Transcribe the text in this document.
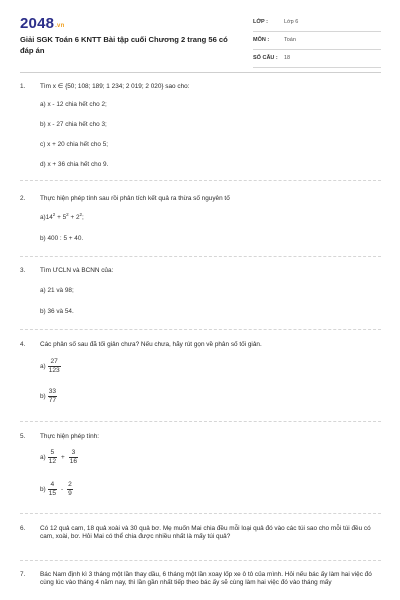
2048.vn
Giải SGK Toán 6 KNTT Bài tập cuối Chương 2 trang 56 có đáp án
LỚP :	Lớp 6
MÔN :	Toán
SỐ CÂU : 18
1. Tìm x ∈ {50; 108; 189; 1 234; 2 019; 2 020} sao cho:
a) x - 12 chia hết cho 2;
b) x - 27 chia hết cho 3;
c) x + 20 chia hết cho 5;
d) x + 36 chia hết cho 9.
2. Thực hiện phép tính sau rồi phân tích kết quả ra thừa số nguyên tố
$a)14^2 + 5^2 + 2^2$;
b) 400 : 5 + 40.
3. Tìm ƯCLN và BCNN của:
a) 21 và 98;
b) 36 và 54.
4. Các phân số sau đã tối giản chưa? Nếu chưa, hãy rút gọn về phân số tối giản.
$a) \frac{27}{123}$
$b) \frac{33}{77}$
5. Thực hiện phép tính:
$a) \frac{5}{12} + \frac{3}{16}$
$b) \frac{4}{15} - \frac{2}{9}$
6. Có 12 quả cam, 18 quả xoài và 30 quả bơ. Mẹ muốn Mai chia đều mỗi loại quả đó vào các túi sao cho mỗi túi đều có cam, xoài, bơ. Hỏi Mai có thể chia được nhiều nhất là mấy túi quả?
7. Bác Nam định kì 3 tháng một lần thay dầu, 6 tháng một lần xoay lốp xe ô tô của mình. Hỏi nếu bác ấy làm hai việc đó cùng lúc vào tháng 4 năm nay, thì lần gần nhất tiếp theo bác ấy sẽ cùng làm hai việc đó vào tháng mấy
